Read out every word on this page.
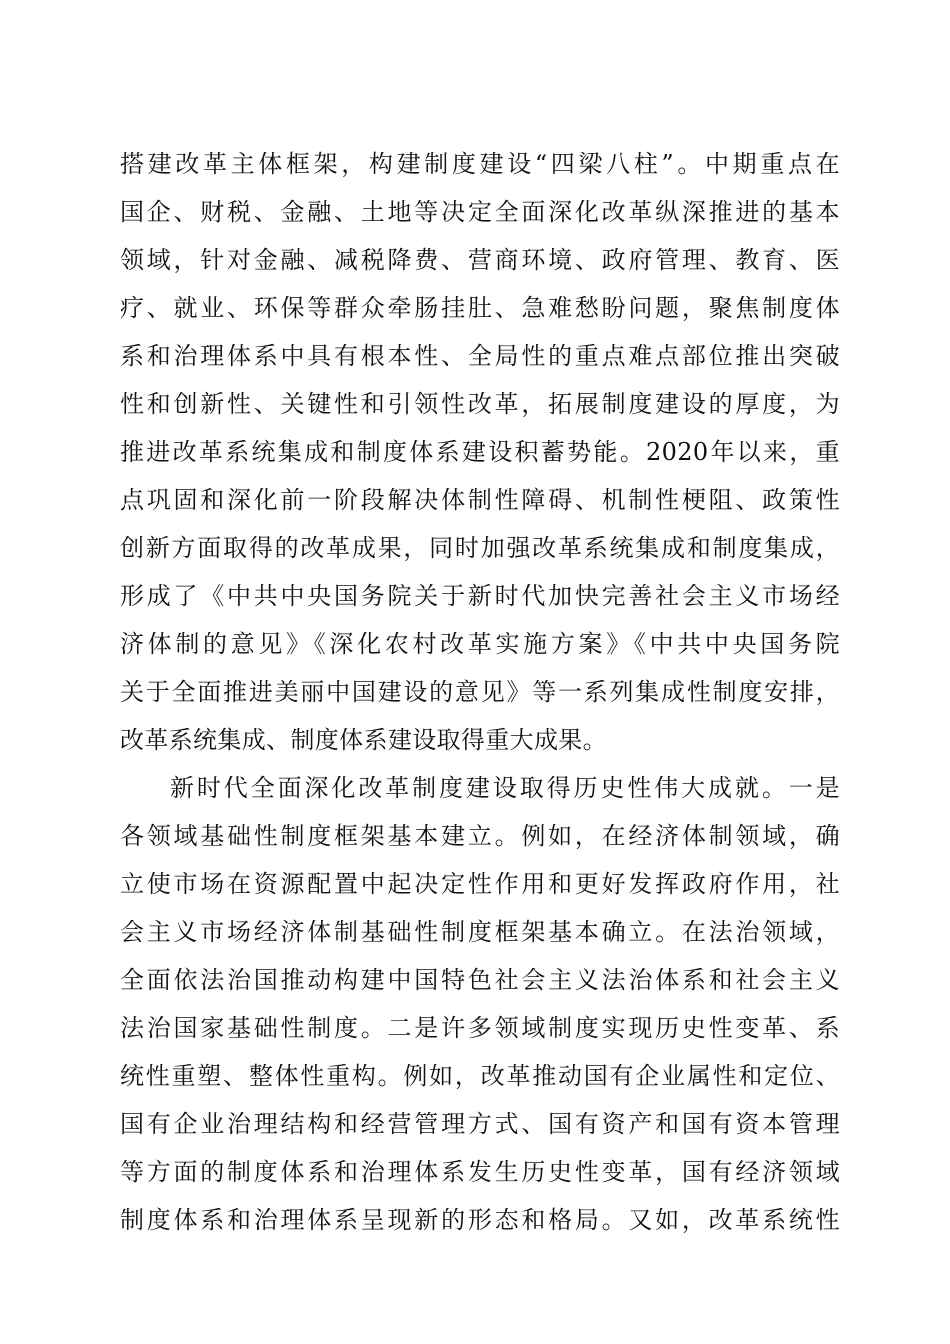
搭建改革主体框架，构建制度建设“四梁八柱”。中期重点在
国企、财税、金融、土地等决定全面深化改革纵深推进的基本
领域，针对金融、减税降费、营商环境、政府管理、教育、医
疗、就业、环保等群众牵肠挂肚、急难愁盼问题，聚焦制度体
系和治理体系中具有根本性、全局性的重点难点部位推出突破
性和创新性、关键性和引领性改革，拓展制度建设的厚度，为
推进改革系统集成和制度体系建设积蓄势能。2020年以来，重
点巩固和深化前一阶段解决体制性障碍、机制性梗阻、政策性
创新方面取得的改革成果，同时加强改革系统集成和制度集成，
形成了《中共中央国务院关于新时代加快完善社会主义市场经
济体制的意见》《深化农村改革实施方案》《中共中央国务院
关于全面推进美丽中国建设的意见》等一系列集成性制度安排，
改革系统集成、制度体系建设取得重大成果。
新时代全面深化改革制度建设取得历史性伟大成就。一是
各领域基础性制度框架基本建立。例如，在经济体制领域，确
立使市场在资源配置中起决定性作用和更好发挥政府作用，社
会主义市场经济体制基础性制度框架基本确立。在法治领域，
全面依法治国推动构建中国特色社会主义法治体系和社会主义
法治国家基础性制度。二是许多领域制度实现历史性变革、系
统性重塑、整体性重构。例如，改革推动国有企业属性和定位、
国有企业治理结构和经营管理方式、国有资产和国有资本管理
等方面的制度体系和治理体系发生历史性变革，国有经济领域
制度体系和治理体系呈现新的形态和格局。又如，改革系统性
